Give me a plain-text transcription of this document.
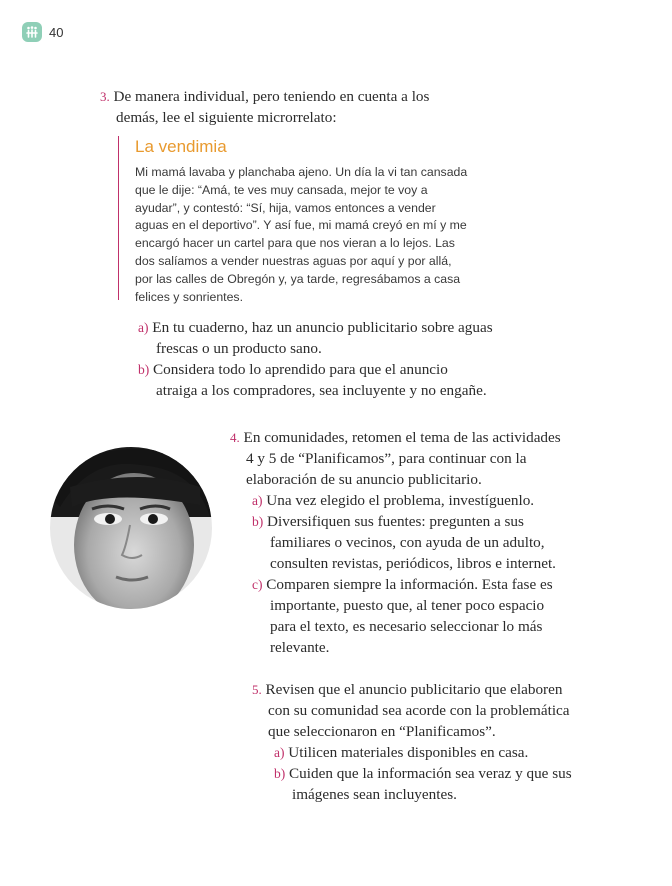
40
3. De manera individual, pero teniendo en cuenta a los
demás, lee el siguiente microrrelato:
La vendimia
Mi mamá lavaba y planchaba ajeno. Un día la vi tan cansada
que le dije: “Amá, te ves muy cansada, mejor te voy a
ayudar”, y contestó: “Sí, hija, vamos entonces a vender
aguas en el deportivo”. Y así fue, mi mamá creyó en mí y me
encargó hacer un cartel para que nos vieran a lo lejos. Las
dos salíamos a vender nuestras aguas por aquí y por allá,
por las calles de Obregón y, ya tarde, regresábamos a casa
felices y sonrientes.
a) En tu cuaderno, haz un anuncio publicitario sobre aguas
frescas o un producto sano.
b) Considera todo lo aprendido para que el anuncio
atraiga a los compradores, sea incluyente y no engañe.
4. En comunidades, retomen el tema de las actividades
4 y 5 de “Planificamos”, para continuar con la
elaboración de su anuncio publicitario.
a) Una vez elegido el problema, investíguenlo.
b) Diversifiquen sus fuentes: pregunten a sus
familiares o vecinos, con ayuda de un adulto,
consulten revistas, periódicos, libros e internet.
c) Comparen siempre la información. Esta fase es
importante, puesto que, al tener poco espacio
para el texto, es necesario seleccionar lo más
relevante.
5. Revisen que el anuncio publicitario que elaboren
con su comunidad sea acorde con la problemática
que seleccionaron en “Planificamos”.
a) Utilicen materiales disponibles en casa.
b) Cuiden que la información sea veraz y que sus
imágenes sean incluyentes.
